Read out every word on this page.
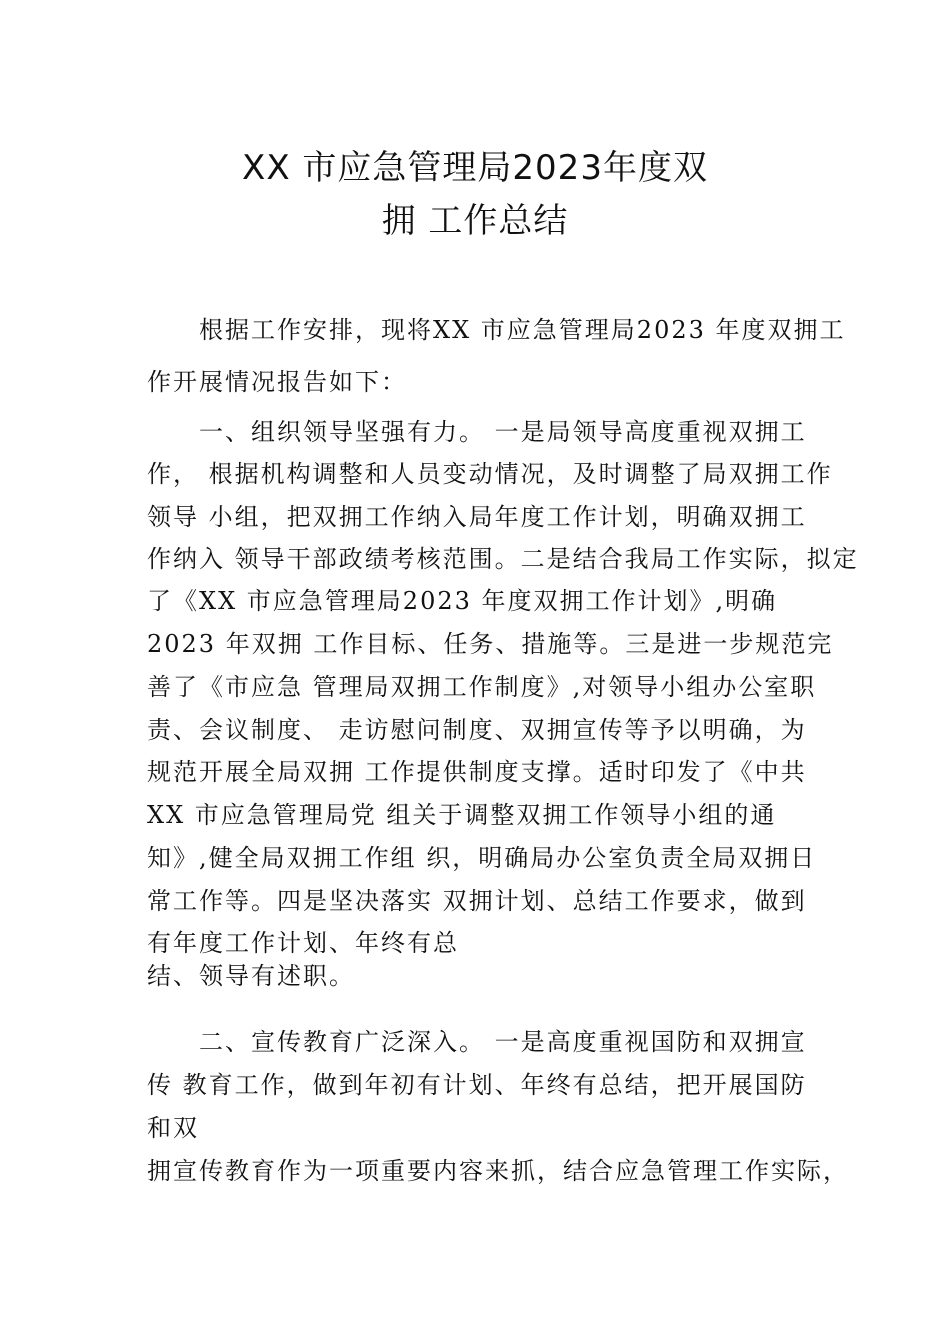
XX 市应急管理局2023年度双
拥 工作总结
根据工作安排，现将XX 市应急管理局2023 年度双拥工
作开展情况报告如下：
一、组织领导坚强有力。 一是局领导高度重视双拥工
作， 根据机构调整和人员变动情况，及时调整了局双拥工作
领导 小组，把双拥工作纳入局年度工作计划，明确双拥工
作纳入 领导干部政绩考核范围。二是结合我局工作实际，拟定
了《XX 市应急管理局2023 年度双拥工作计划》,明确
2023 年双拥 工作目标、任务、措施等。三是进一步规范完
善了《市应急 管理局双拥工作制度》,对领导小组办公室职
责、会议制度、 走访慰问制度、双拥宣传等予以明确，为
规范开展全局双拥 工作提供制度支撑。适时印发了《中共
XX 市应急管理局党 组关于调整双拥工作领导小组的通
知》,健全局双拥工作组 织，明确局办公室负责全局双拥日
常工作等。四是坚决落实 双拥计划、总结工作要求，做到
有年度工作计划、年终有总
结、领导有述职。
二、宣传教育广泛深入。 一是高度重视国防和双拥宣
传 教育工作，做到年初有计划、年终有总结，把开展国防
和双
拥宣传教育作为一项重要内容来抓，结合应急管理工作实际，
